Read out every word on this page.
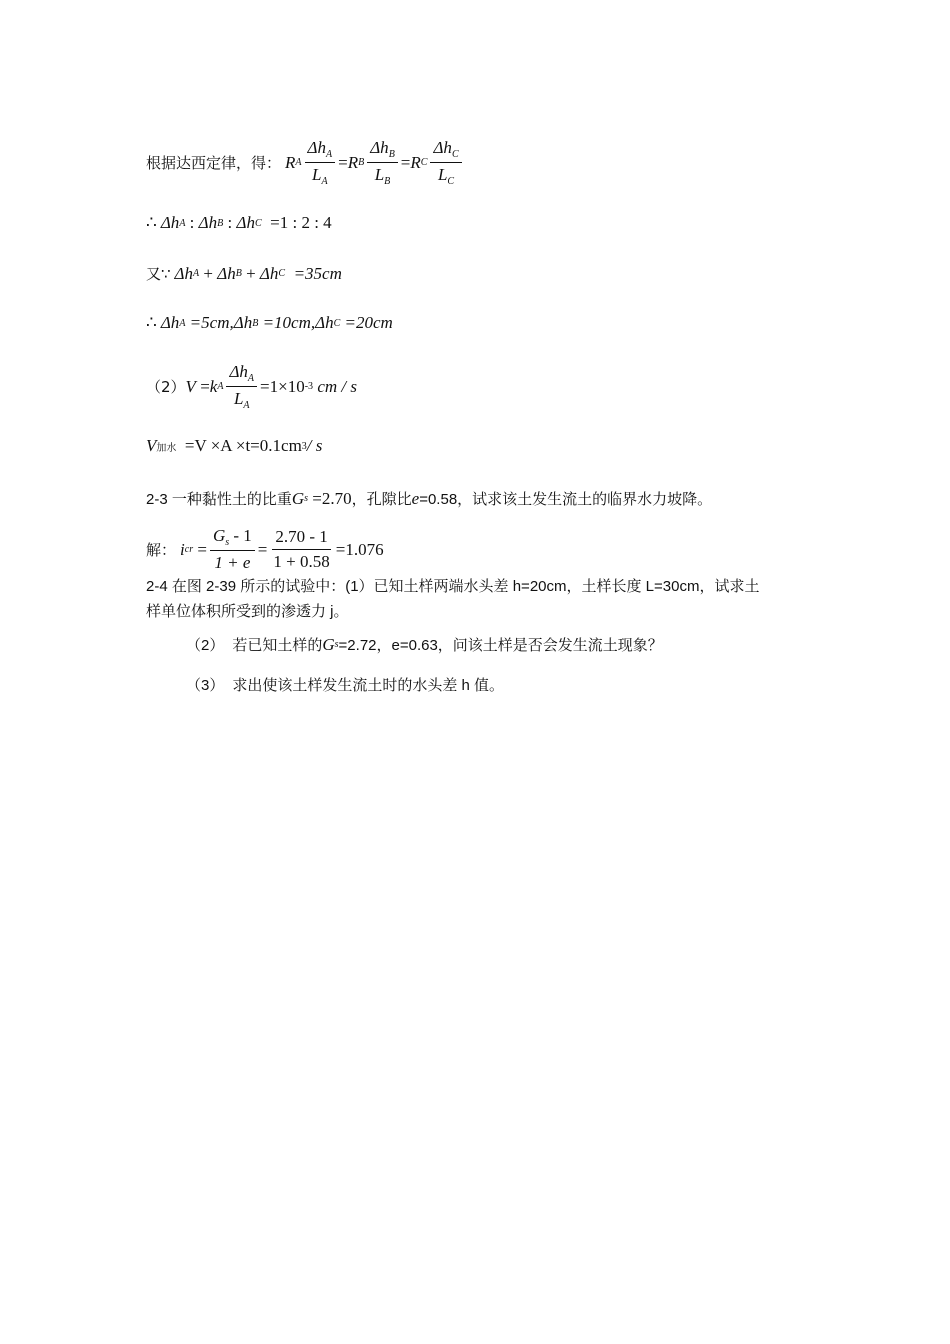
根据达西定律，得： R A $\frac{\Delta h_A}{L_A} = R$ B $\frac{\Delta h_B}{L_B} = R$ C $\frac{\Delta h_C}{L_C}$
∴ Δh A
:
Δh B
:
Δh C
=1 : 2 : 4
又∵ Δh A
+
Δh B
+
Δh C
=35cm
∴ Δh A
=5cm, Δh B
=10cm, Δh C
=20cm
（2） V
= k A $\frac{\Delta h_A}{L_A} =1\times 10$ -3
cm / s
V 加水
=V ×A ×t=0.1cm 3 / s
2-3 一种黏性土的比重 G s
=2.70 ，孔隙比 e =0.58，试求该土发生流土的临界水力坡降。
解： i cr
= $\frac{G_s - 1}{1 + e} = \frac{2.70 - 1}{1 + 0.58} =1.076$
2-4 在图 2-39 所示的试验中：(1）已知土样两端水头差 h=20cm，土样长度 L=30cm，试求土
样单位体积所受到的渗透力 j。
（2） 若已知土样的 G s =2.72，e=0.63，问该土样是否会发生流土现象？
（3） 求出使该土样发生流土时的水头差 h 值。
